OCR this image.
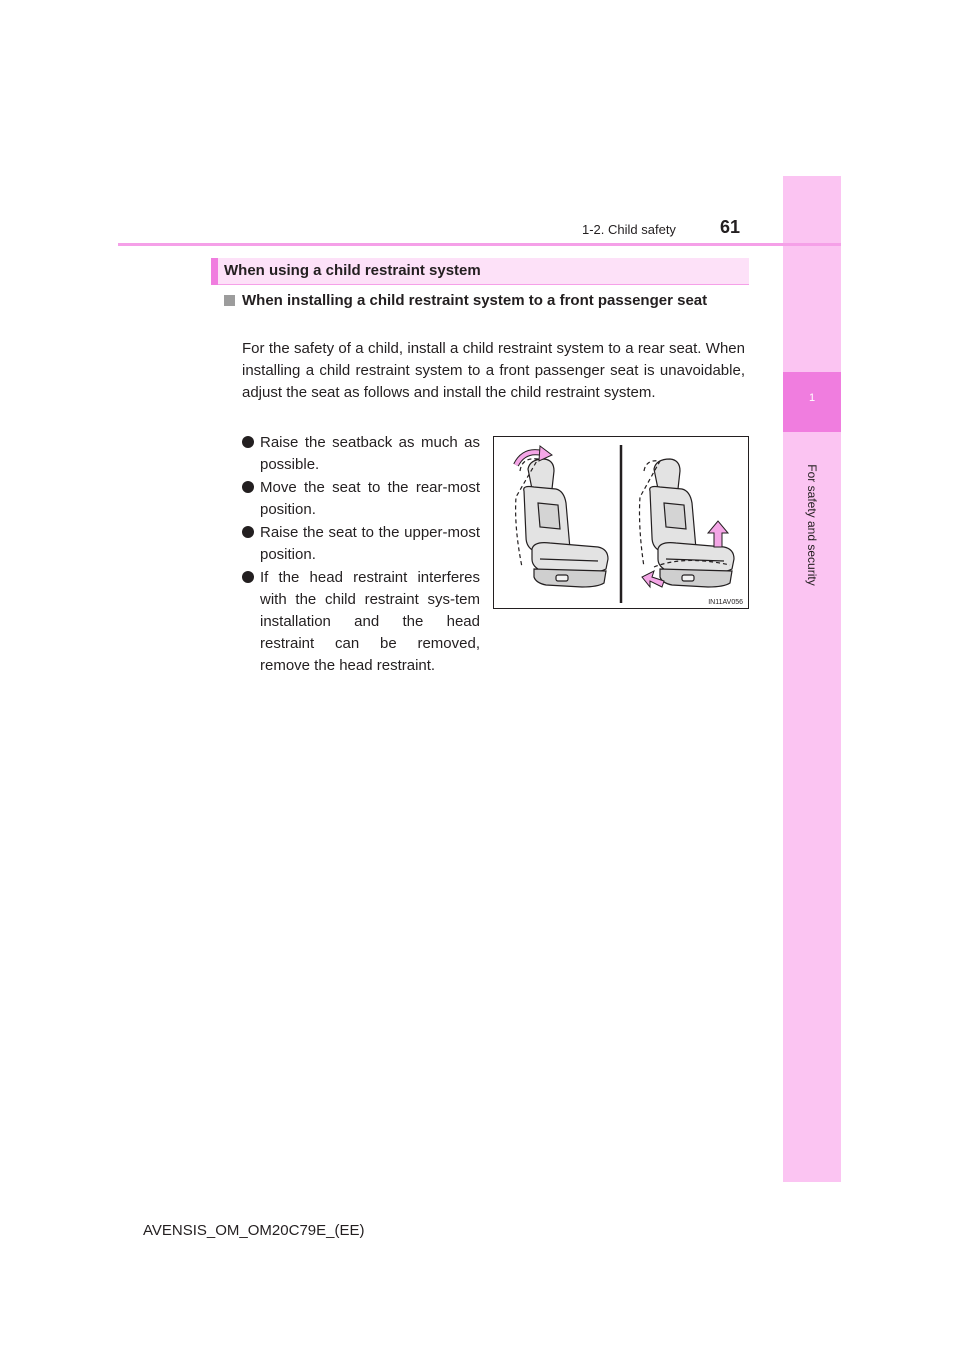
1
For safety and security
1-2. Child safety 61
When using a child restraint system
When installing a child restraint system to a front passenger seat
For the safety of a child, install a child restraint system to a rear seat. When installing a child restraint system to a front passenger seat is unavoidable, adjust the seat as follows and install the child restraint system.
Raise the seatback as much as possible.
Move the seat to the rear-most position.
Raise the seat to the upper-most position.
If the head restraint interferes with the child restraint sys-tem installation and the head restraint can be removed, remove the head restraint.
IN11AV056
AVENSIS_OM_OM20C79E_(EE)
